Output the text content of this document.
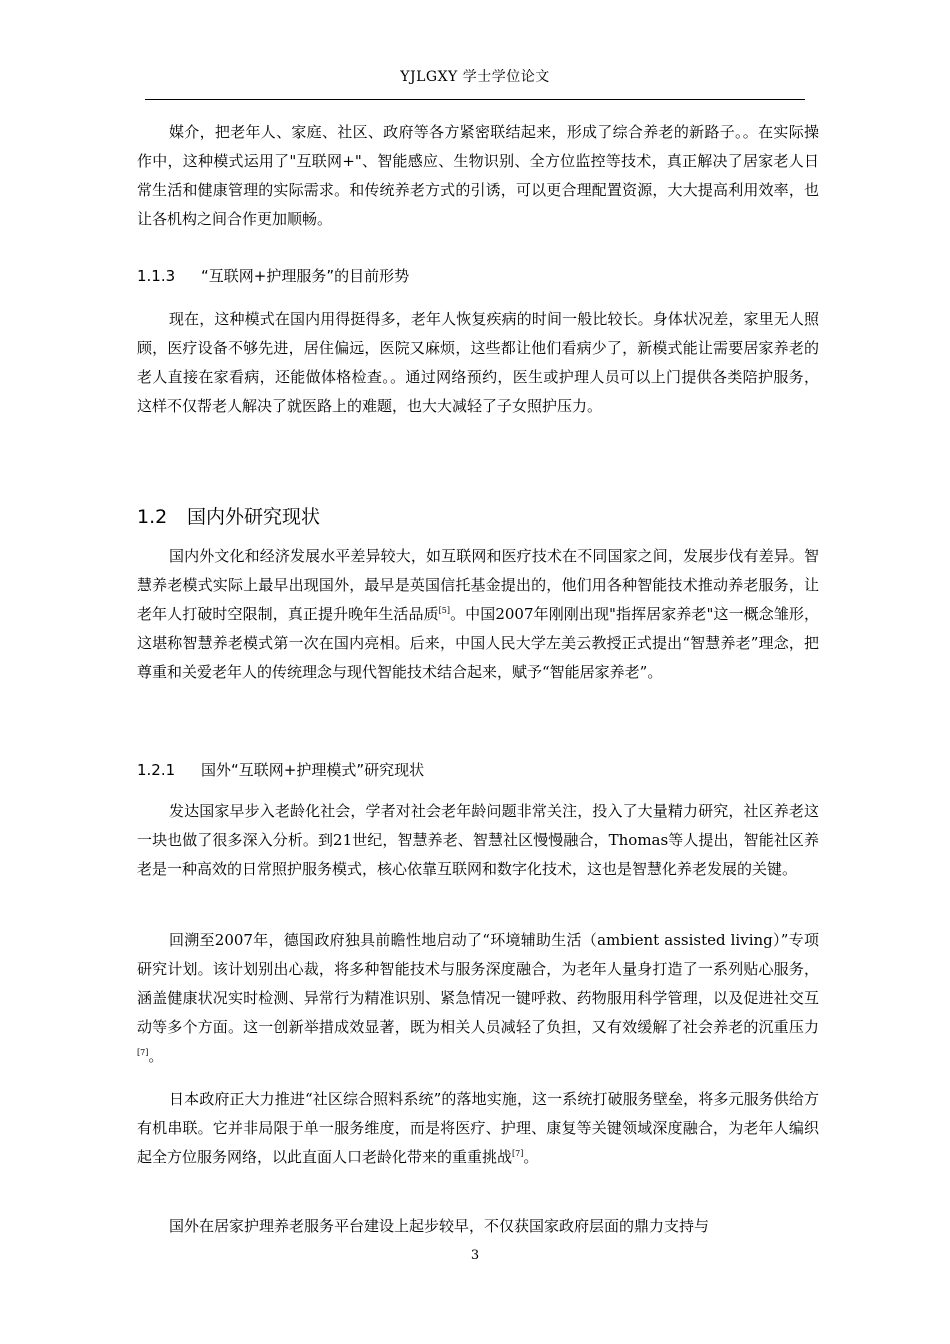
YJLGXY 学士学位论文

媒介，把老年人、家庭、社区、政府等各方紧密联结起来，形成了综合养老的新路子。。在实际操作中，这种模式运用了"互联网+"、智能感应、生物识别、全方位监控等技术，真正解决了居家老人日常生活和健康管理的实际需求。和传统养老方式的引诱，可以更合理配置资源，大大提高利用效率，也让各机构之间合作更加顺畅。

1.1.3 “互联网+护理服务”的目前形势

现在，这种模式在国内用得挺得多，老年人恢复疾病的时间一般比较长。身体状况差，家里无人照顾，医疗设备不够先进，居住偏远，医院又麻烦，这些都让他们看病少了，新模式能让需要居家养老的老人直接在家看病，还能做体格检查。。通过网络预约，医生或护理人员可以上门提供各类陪护服务，这样不仅帮老人解决了就医路上的难题，也大大减轻了子女照护压力。

1.2 国内外研究现状

国内外文化和经济发展水平差异较大，如互联网和医疗技术在不同国家之间，发展步伐有差异。智慧养老模式实际上最早出现国外，最早是英国信托基金提出的，他们用各种智能技术推动养老服务，让老年人打破时空限制，真正提升晚年生活品质[5]。中国2007年刚刚出现"指挥居家养老"这一概念雏形，这堪称智慧养老模式第一次在国内亮相。后来，中国人民大学左美云教授正式提出“智慧养老”理念，把尊重和关爱老年人的传统理念与现代智能技术结合起来，赋予“智能居家养老”。

1.2.1 国外“互联网+护理模式”研究现状

发达国家早步入老龄化社会，学者对社会老年龄问题非常关注，投入了大量精力研究，社区养老这一块也做了很多深入分析。到21世纪，智慧养老、智慧社区慢慢融合，Thomas等人提出，智能社区养老是一种高效的日常照护服务模式，核心依靠互联网和数字化技术，这也是智慧化养老发展的关键。

回溯至2007年，德国政府独具前瞻性地启动了“环境辅助生活（ambient assisted living）”专项研究计划。该计划别出心裁，将多种智能技术与服务深度融合，为老年人量身打造了一系列贴心服务，涵盖健康状况实时检测、异常行为精准识别、紧急情况一键呼救、药物服用科学管理，以及促进社交互动等多个方面。这一创新举措成效显著，既为相关人员减轻了负担，又有效缓解了社会养老的沉重压力[7]。

日本政府正大力推进“社区综合照料系统”的落地实施，这一系统打破服务壁垒，将多元服务供给方有机串联。它并非局限于单一服务维度，而是将医疗、护理、康复等关键领域深度融合，为老年人编织起全方位服务网络，以此直面人口老龄化带来的重重挑战[7]。

国外在居家护理养老服务平台建设上起步较早，不仅获国家政府层面的鼎力支持与

3
